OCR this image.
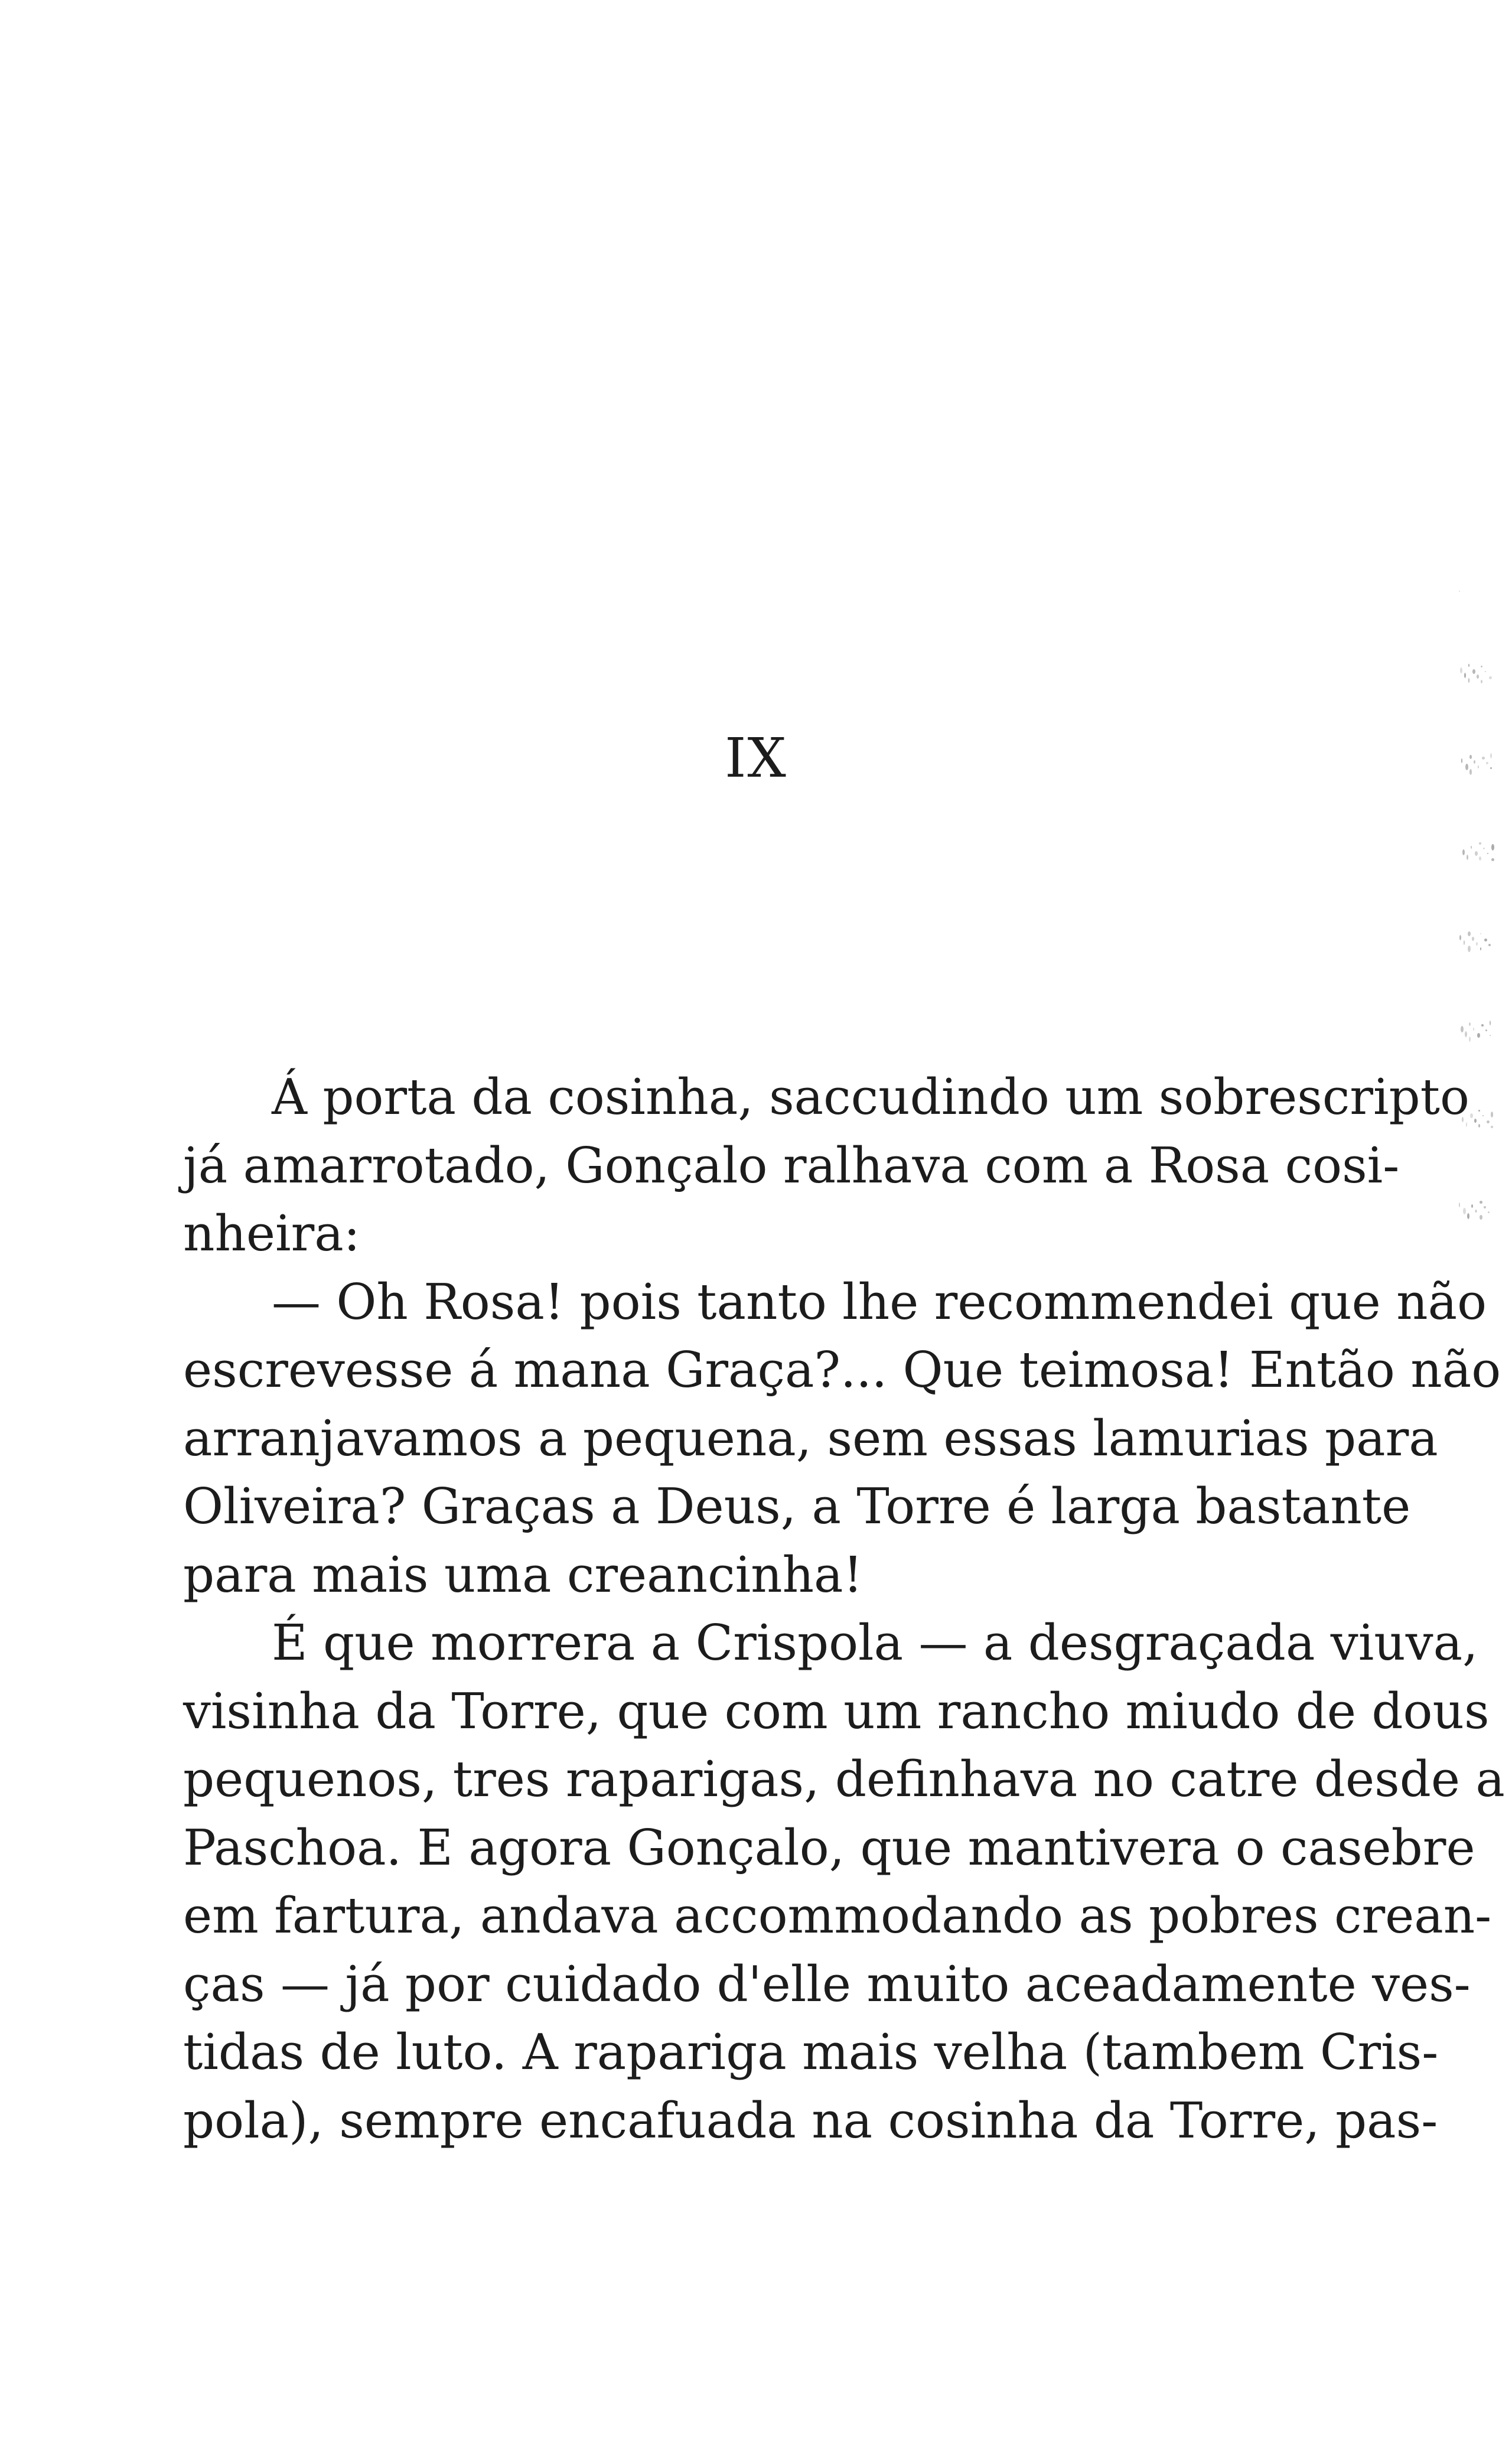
IX
Á porta da cosinha, saccudindo um sobrescripto
já amarrotado, Gonçalo ralhava com a Rosa cosi-
nheira:
— Oh Rosa! pois tanto lhe recommendei que não
escrevesse á mana Graça?... Que teimosa! Então não
arranjavamos a pequena, sem essas lamurias para
Oliveira? Graças a Deus, a Torre é larga bastante
para mais uma creancinha!
É que morrera a Crispola — a desgraçada viuva,
visinha da Torre, que com um rancho miudo de dous
pequenos, tres raparigas, definhava no catre desde a
Paschoa. E agora Gonçalo, que mantivera o casebre
em fartura, andava accommodando as pobres crean-
ças — já por cuidado d'elle muito aceadamente ves-
tidas de luto. A rapariga mais velha (tambem Cris-
pola), sempre encafuada na cosinha da Torre, pas-
